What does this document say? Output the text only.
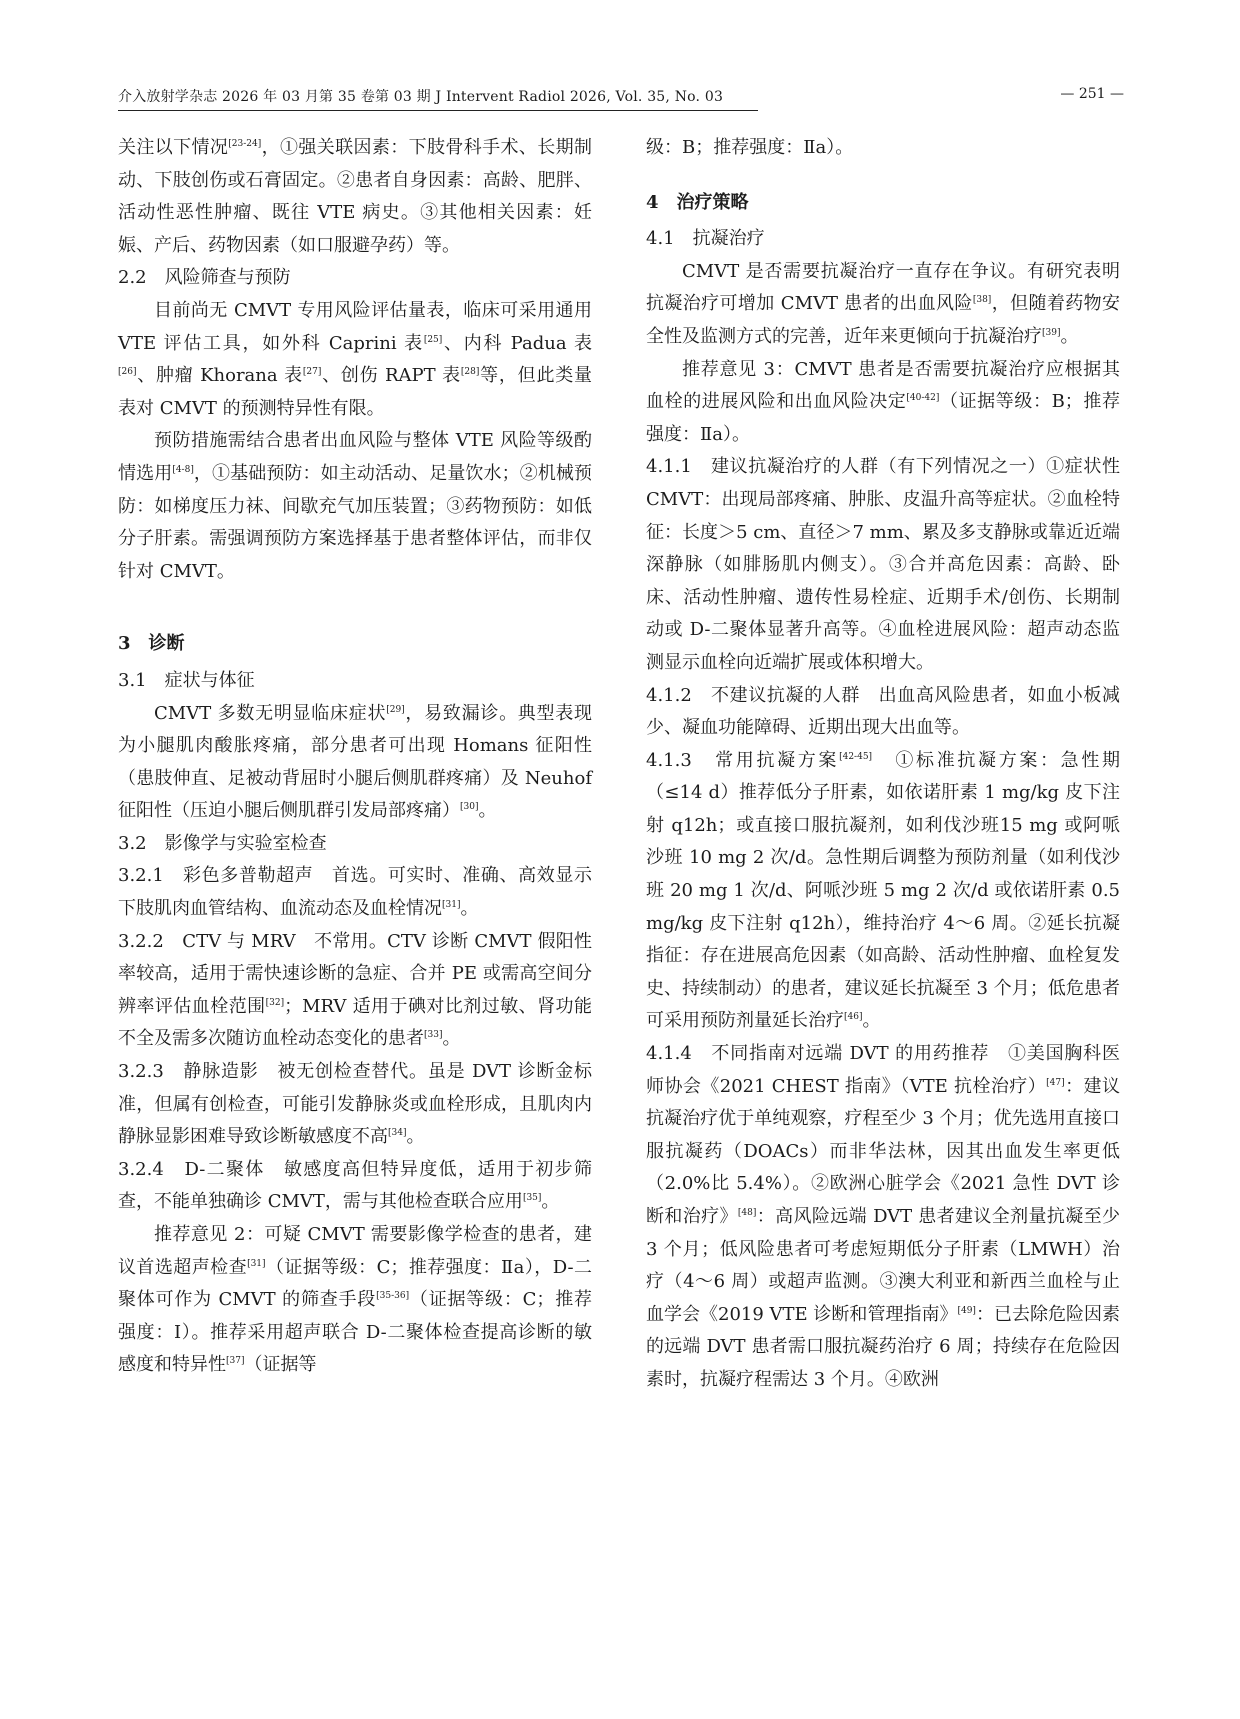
介入放射学杂志 2026 年 03 月第 35 卷第 03 期 J Intervent Radiol 2026, Vol. 35, No. 03	— 251 —

关注以下情况[23-24]，①强关联因素：下肢骨科手术、长期制动、下肢创伤或石膏固定。②患者自身因素：高龄、肥胖、活动性恶性肿瘤、既往 VTE 病史。③其他相关因素：妊娠、产后、药物因素（如口服避孕药）等。

2.2　风险筛查与预防

目前尚无 CMVT 专用风险评估量表，临床可采用通用 VTE 评估工具，如外科 Caprini 表[25]、内科 Padua 表[26]、肿瘤 Khorana 表[27]、创伤 RAPT 表[28]等，但此类量表对 CMVT 的预测特异性有限。

预防措施需结合患者出血风险与整体 VTE 风险等级酌情选用[4-8]，①基础预防：如主动活动、足量饮水；②机械预防：如梯度压力袜、间歇充气加压装置；③药物预防：如低分子肝素。需强调预防方案选择基于患者整体评估，而非仅针对 CMVT。

3　诊断

3.1　症状与体征

CMVT 多数无明显临床症状[29]，易致漏诊。典型表现为小腿肌肉酸胀疼痛，部分患者可出现 Homans 征阳性（患肢伸直、足被动背屈时小腿后侧肌群疼痛）及 Neuhof 征阳性（压迫小腿后侧肌群引发局部疼痛）[30]。

3.2　影像学与实验室检查

3.2.1　彩色多普勒超声　首选。可实时、准确、高效显示下肢肌肉血管结构、血流动态及血栓情况[31]。

3.2.2　CTV 与 MRV　不常用。CTV 诊断 CMVT 假阳性率较高，适用于需快速诊断的急症、合并 PE 或需高空间分辨率评估血栓范围[32]；MRV 适用于碘对比剂过敏、肾功能不全及需多次随访血栓动态变化的患者[33]。

3.2.3　静脉造影　被无创检查替代。虽是 DVT 诊断金标准，但属有创检查，可能引发静脉炎或血栓形成，且肌肉内静脉显影困难导致诊断敏感度不高[34]。

3.2.4　D-二聚体　敏感度高但特异度低，适用于初步筛查，不能单独确诊 CMVT，需与其他检查联合应用[35]。

推荐意见 2：可疑 CMVT 需要影像学检查的患者，建议首选超声检查[31]（证据等级：C；推荐强度：Ⅱa），D-二聚体可作为 CMVT 的筛查手段[35-36]（证据等级：C；推荐强度：Ⅰ）。推荐采用超声联合 D-二聚体检查提高诊断的敏感度和特异性[37]（证据等

级：B；推荐强度：Ⅱa）。

4　治疗策略

4.1　抗凝治疗

CMVT 是否需要抗凝治疗一直存在争议。有研究表明抗凝治疗可增加 CMVT 患者的出血风险[38]，但随着药物安全性及监测方式的完善，近年来更倾向于抗凝治疗[39]。

推荐意见 3：CMVT 患者是否需要抗凝治疗应根据其血栓的进展风险和出血风险决定[40-42]（证据等级：B；推荐强度：Ⅱa）。

4.1.1　建议抗凝治疗的人群（有下列情况之一）①症状性 CMVT：出现局部疼痛、肿胀、皮温升高等症状。②血栓特征：长度＞5 cm、直径＞7 mm、累及多支静脉或靠近近端深静脉（如腓肠肌内侧支）。③合并高危因素：高龄、卧床、活动性肿瘤、遗传性易栓症、近期手术/创伤、长期制动或 D-二聚体显著升高等。④血栓进展风险：超声动态监测显示血栓向近端扩展或体积增大。

4.1.2　不建议抗凝的人群　出血高风险患者，如血小板减少、凝血功能障碍、近期出现大出血等。

4.1.3　常用抗凝方案[42-45]　①标准抗凝方案：急性期（≤14 d）推荐低分子肝素，如依诺肝素 1 mg/kg 皮下注射 q12h；或直接口服抗凝剂，如利伐沙班15 mg 或阿哌沙班 10 mg 2 次/d。急性期后调整为预防剂量（如利伐沙班 20 mg 1 次/d、阿哌沙班 5 mg 2 次/d 或依诺肝素 0.5 mg/kg 皮下注射 q12h），维持治疗 4～6 周。②延长抗凝指征：存在进展高危因素（如高龄、活动性肿瘤、血栓复发史、持续制动）的患者，建议延长抗凝至 3 个月；低危患者可采用预防剂量延长治疗[46]。

4.1.4　不同指南对远端 DVT 的用药推荐　①美国胸科医师协会《2021 CHEST 指南》（VTE 抗栓治疗）[47]：建议抗凝治疗优于单纯观察，疗程至少 3 个月；优先选用直接口服抗凝药（DOACs）而非华法林，因其出血发生率更低（2.0%比 5.4%）。②欧洲心脏学会《2021 急性 DVT 诊断和治疗》[48]：高风险远端 DVT 患者建议全剂量抗凝至少 3 个月；低风险患者可考虑短期低分子肝素（LMWH）治疗（4～6 周）或超声监测。③澳大利亚和新西兰血栓与止血学会《2019 VTE 诊断和管理指南》[49]：已去除危险因素的远端 DVT 患者需口服抗凝药治疗 6 周；持续存在危险因素时，抗凝疗程需达 3 个月。④欧洲
